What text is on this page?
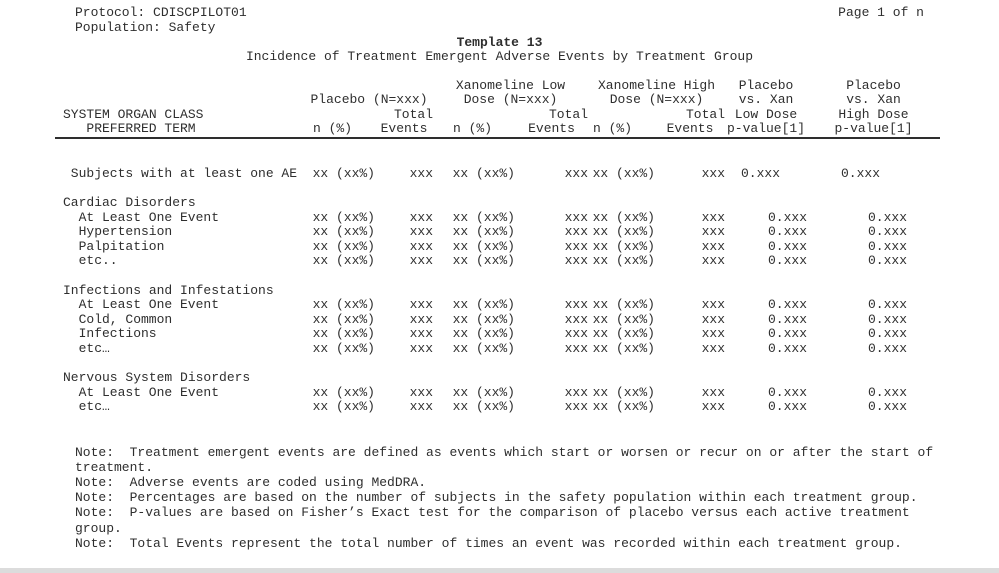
Protocol: CDISCPILOT01
Population: Safety
Page 1 of n
Template 13
Incidence of Treatment Emergent Adverse Events by Treatment Group
			Xanomeline Low		Xanomeline High		Placebo	Placebo
	Placebo (N=xxx)		Dose (N=xxx)		Dose (N=xxx)		vs. Xan	vs. Xan
SYSTEM ORGAN CLASS		Total		Total		Total	Low Dose	High Dose
PREFERRED TERM	n (%)	Events	n (%)	Events	n (%)	Events	p-value[1]	p-value[1]

Subjects with at least one AE	xx (xx%)	xxx	xx (xx%)	xxx	xx (xx%)	xxx	0.xxx	0.xxx

Cardiac Disorders								
At Least One Event	xx (xx%)	xxx	xx (xx%)	xxx	xx (xx%)	xxx	0.xxx	0.xxx
Hypertension	xx (xx%)	xxx	xx (xx%)	xxx	xx (xx%)	xxx	0.xxx	0.xxx
Palpitation	xx (xx%)	xxx	xx (xx%)	xxx	xx (xx%)	xxx	0.xxx	0.xxx
etc..	xx (xx%)	xxx	xx (xx%)	xxx	xx (xx%)	xxx	0.xxx	0.xxx

Infections and Infestations								
At Least One Event	xx (xx%)	xxx	xx (xx%)	xxx	xx (xx%)	xxx	0.xxx	0.xxx
Cold, Common	xx (xx%)	xxx	xx (xx%)	xxx	xx (xx%)	xxx	0.xxx	0.xxx
Infections	xx (xx%)	xxx	xx (xx%)	xxx	xx (xx%)	xxx	0.xxx	0.xxx
etc…	xx (xx%)	xxx	xx (xx%)	xxx	xx (xx%)	xxx	0.xxx	0.xxx

Nervous System Disorders								
At Least One Event	xx (xx%)	xxx	xx (xx%)	xxx	xx (xx%)	xxx	0.xxx	0.xxx
etc…	xx (xx%)	xxx	xx (xx%)	xxx	xx (xx%)	xxx	0.xxx	0.xxx
Note:  Treatment emergent events are defined as events which start or worsen or recur on or after the start of treatment.
Note:  Adverse events are coded using MedDRA.
Note:  Percentages are based on the number of subjects in the safety population within each treatment group.
Note:  P-values are based on Fisher’s Exact test for the comparison of placebo versus each active treatment group.
Note:  Total Events represent the total number of times an event was recorded within each treatment group.
